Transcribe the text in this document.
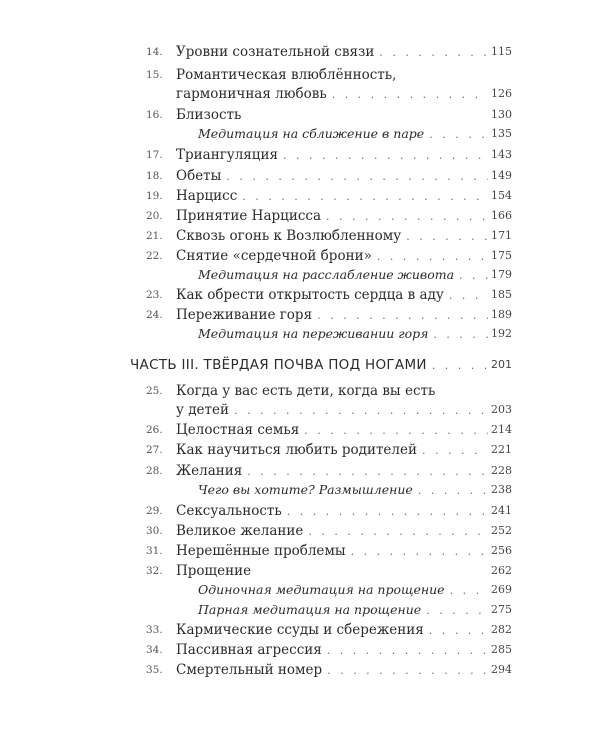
14. Уровни сознательной связи . . .	115
15. Романтическая влюблённость,
гармоничная любовь . . .	126
16. Близость	130
Медитация на сближение в паре . . .	135
17. Триангуляция . . .	143
18. Обеты . . .	149
19. Нарцисс . . .	154
20. Принятие Нарцисса . . .	166
21. Сквозь огонь к Возлюбленному . . .	171
22. Снятие «сердечной брони» . . .	175
Медитация на расслабление живота . . .	179
23. Как обрести открытость сердца в аду . . .	185
24. Переживание горя . . .	189
Медитация на переживании горя . . .	192
ЧАСТЬ III. ТВЁРДАЯ ПОЧВА ПОД НОГАМИ . . .	201
25. Когда у вас есть дети, когда вы есть
у детей . . .	203
26. Целостная семья . . .	214
27. Как научиться любить родителей . . .	221
28. Желания . . .	228
Чего вы хотите? Размышление . . .	238
29. Сексуальность . . .	241
30. Великое желание . . .	252
31. Нерешённые проблемы . . .	256
32. Прощение	262
Одиночная медитация на прощение . . .	269
Парная медитация на прощение . . .	275
33. Кармические ссуды и сбережения . . .	282
34. Пассивная агрессия . . .	285
35. Смертельный номер . . .	294
